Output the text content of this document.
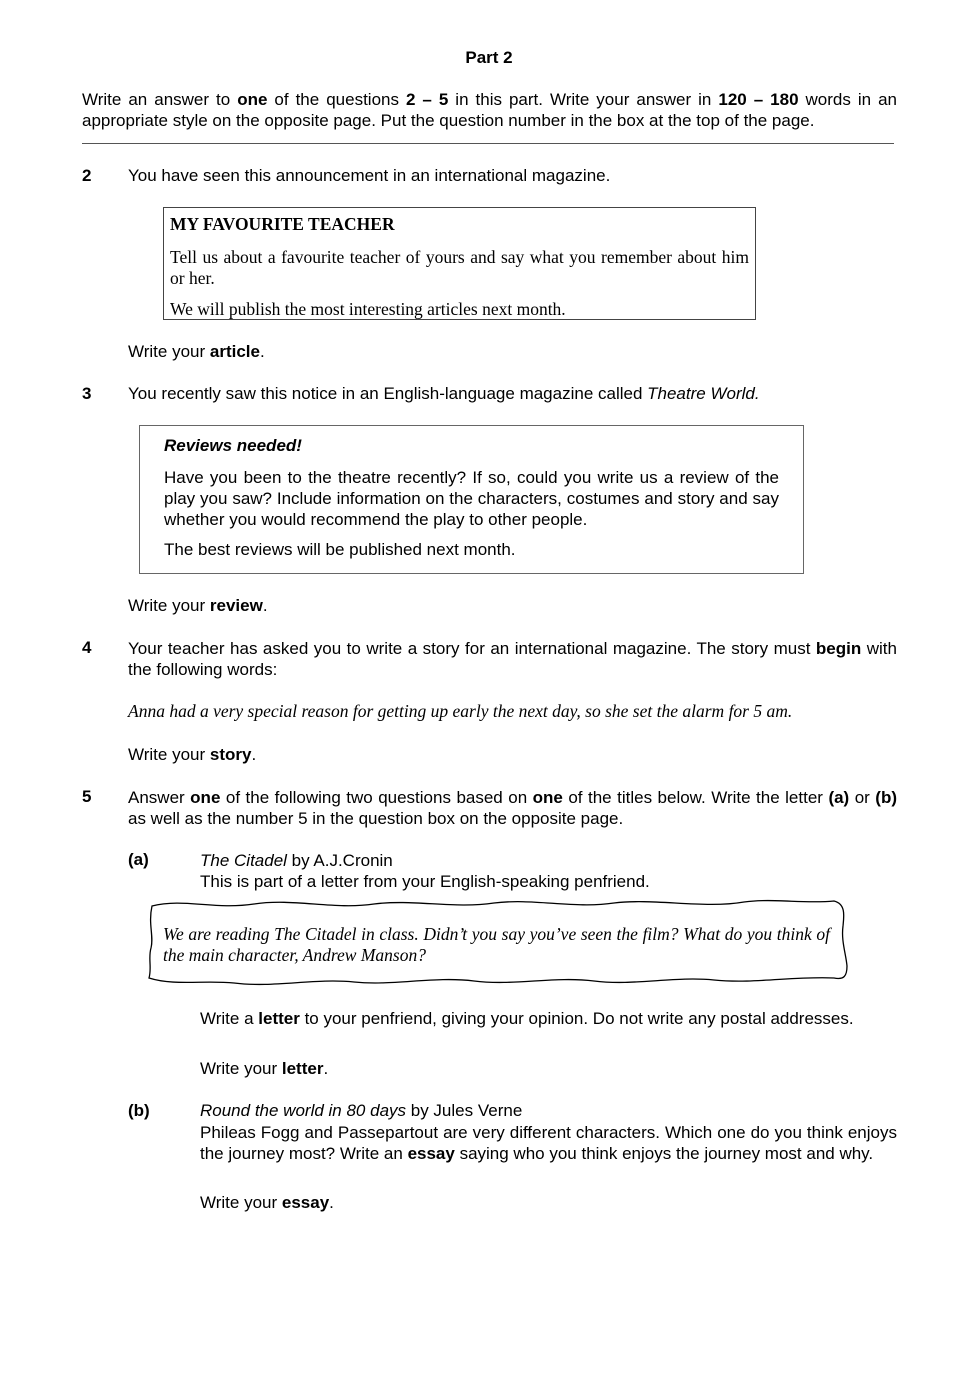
Part 2
Write an answer to one of the questions 2 – 5 in this part. Write your answer in 120 – 180 words in an appropriate style on the opposite page. Put the question number in the box at the top of the page.
2 You have seen this announcement in an international magazine.
MY FAVOURITE TEACHER
Tell us about a favourite teacher of yours and say what you remember about him or her.
We will publish the most interesting articles next month.
Write your article.
3 You recently saw this notice in an English-language magazine called Theatre World.
Reviews needed!
Have you been to the theatre recently? If so, could you write us a review of the play you saw? Include information on the characters, costumes and story and say whether you would recommend the play to other people.
The best reviews will be published next month.
Write your review.
4 Your teacher has asked you to write a story for an international magazine. The story must begin with the following words:
Anna had a very special reason for getting up early the next day, so she set the alarm for 5 am.
Write your story.
5 Answer one of the following two questions based on one of the titles below. Write the letter (a) or (b) as well as the number 5 in the question box on the opposite page.
(a)	The Citadel by A.J.Cronin
This is part of a letter from your English-speaking penfriend.
We are reading The Citadel in class. Didn’t you say you’ve seen the film? What do you think of the main character, Andrew Manson?
Write a letter to your penfriend, giving your opinion. Do not write any postal addresses.
Write your letter.
(b)	Round the world in 80 days by Jules Verne
Phileas Fogg and Passepartout are very different characters. Which one do you think enjoys the journey most? Write an essay saying who you think enjoys the journey most and why.
Write your essay.
